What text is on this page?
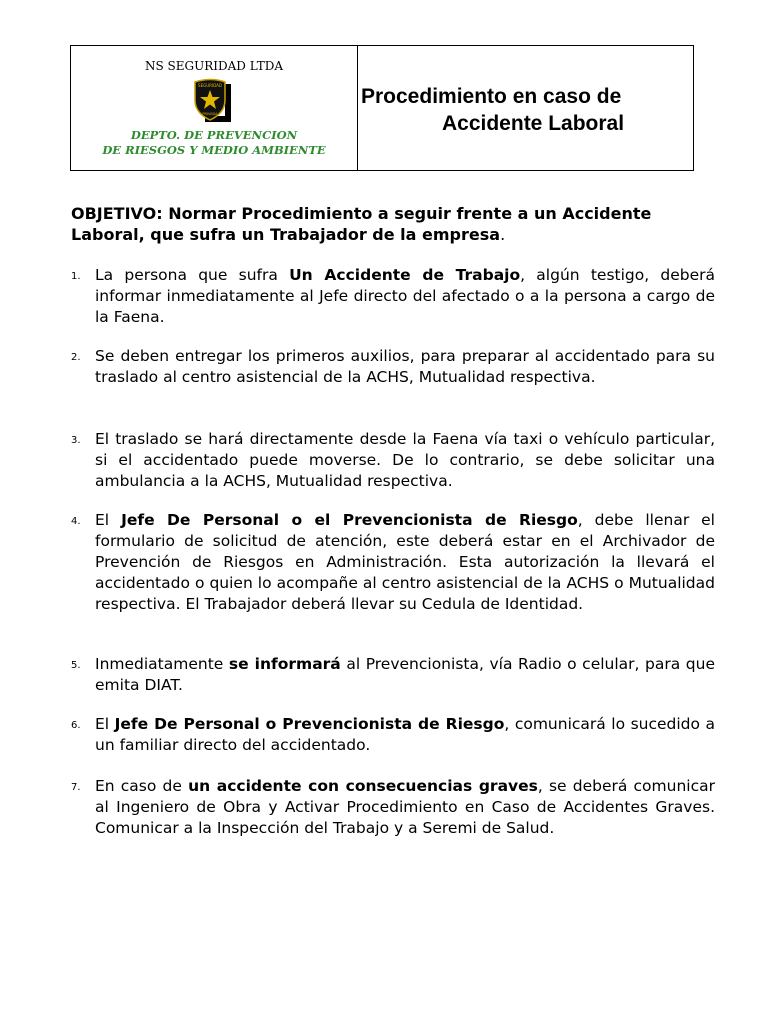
NS SEGURIDAD LTDA
SEGURIDAD
PRIVADA
DEPTO. DE PREVENCION
DE RIESGOS Y MEDIO AMBIENTE
Procedimiento en caso de
Accidente Laboral
OBJETIVO: Normar Procedimiento a seguir frente a un Accidente Laboral, que sufra un Trabajador de la empresa.
1. La persona que sufra Un Accidente de Trabajo, algún testigo, deberá informar inmediatamente al Jefe directo del afectado o a la persona a cargo de la Faena.
2. Se deben entregar los primeros auxilios, para preparar al accidentado para su traslado al centro asistencial de la ACHS, Mutualidad respectiva.
3. El traslado se hará directamente desde la Faena vía taxi o vehículo particular, si el accidentado puede moverse. De lo contrario, se debe solicitar una ambulancia a la ACHS, Mutualidad respectiva.
4. El Jefe De Personal o el Prevencionista de Riesgo, debe llenar el formulario de solicitud de atención, este deberá estar en el Archivador de Prevención de Riesgos en Administración. Esta autorización la llevará el accidentado o quien lo acompañe al centro asistencial de la ACHS o Mutualidad respectiva. El Trabajador deberá llevar su Cedula de Identidad.
5. Inmediatamente se informará al Prevencionista, vía Radio o celular, para que emita DIAT.
6. El Jefe De Personal o Prevencionista de Riesgo, comunicará lo sucedido a un familiar directo del accidentado.
7. En caso de un accidente con consecuencias graves, se deberá comunicar al Ingeniero de Obra y Activar Procedimiento en Caso de Accidentes Graves. Comunicar a la Inspección del Trabajo y a Seremi de Salud.
